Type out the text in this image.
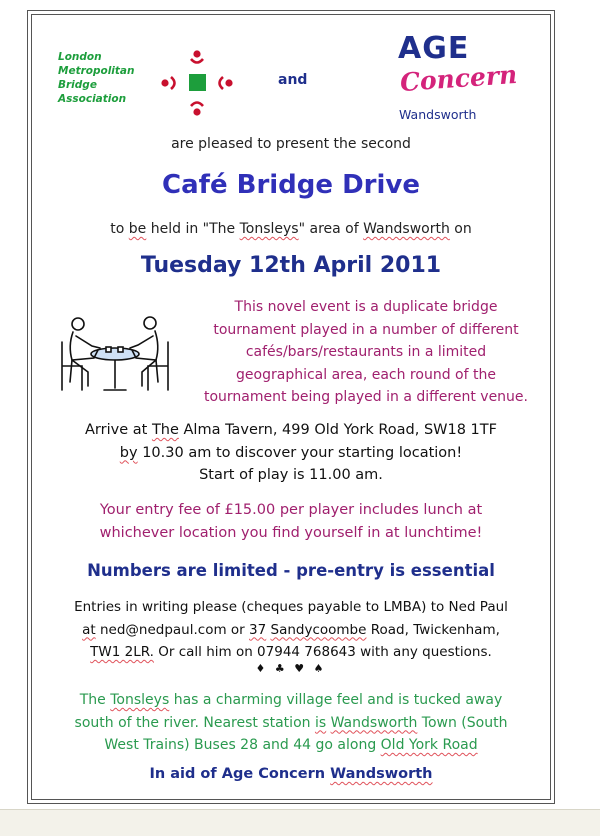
London
Metropolitan
Bridge
Association
and
AGE
Concern
Wandsworth
are pleased to present the second
Café Bridge Drive
to be held in "The Tonsleys" area of Wandsworth on
Tuesday 12th April 2011
This novel event is a duplicate bridge
tournament played in a number of different
cafés/bars/restaurants in a limited
geographical area, each round of the
tournament being played in a different venue.
Arrive at The Alma Tavern, 499 Old York Road, SW18 1TF
by 10.30 am to discover your starting location!
Start of play is 11.00 am.
Your entry fee of £15.00 per player includes lunch at
whichever location you find yourself in at lunchtime!
Numbers are limited - pre-entry is essential
Entries in writing please (cheques payable to LMBA) to Ned Paul
at ned@nedpaul.com or 37 Sandycoombe Road, Twickenham,
TW1 2LR. Or call him on 07944 768643 with any questions.
♦ ♣ ♥ ♠
The Tonsleys has a charming village feel and is tucked away
south of the river. Nearest station is Wandsworth Town (South
West Trains) Buses 28 and 44 go along Old York Road
In aid of Age Concern Wandsworth
